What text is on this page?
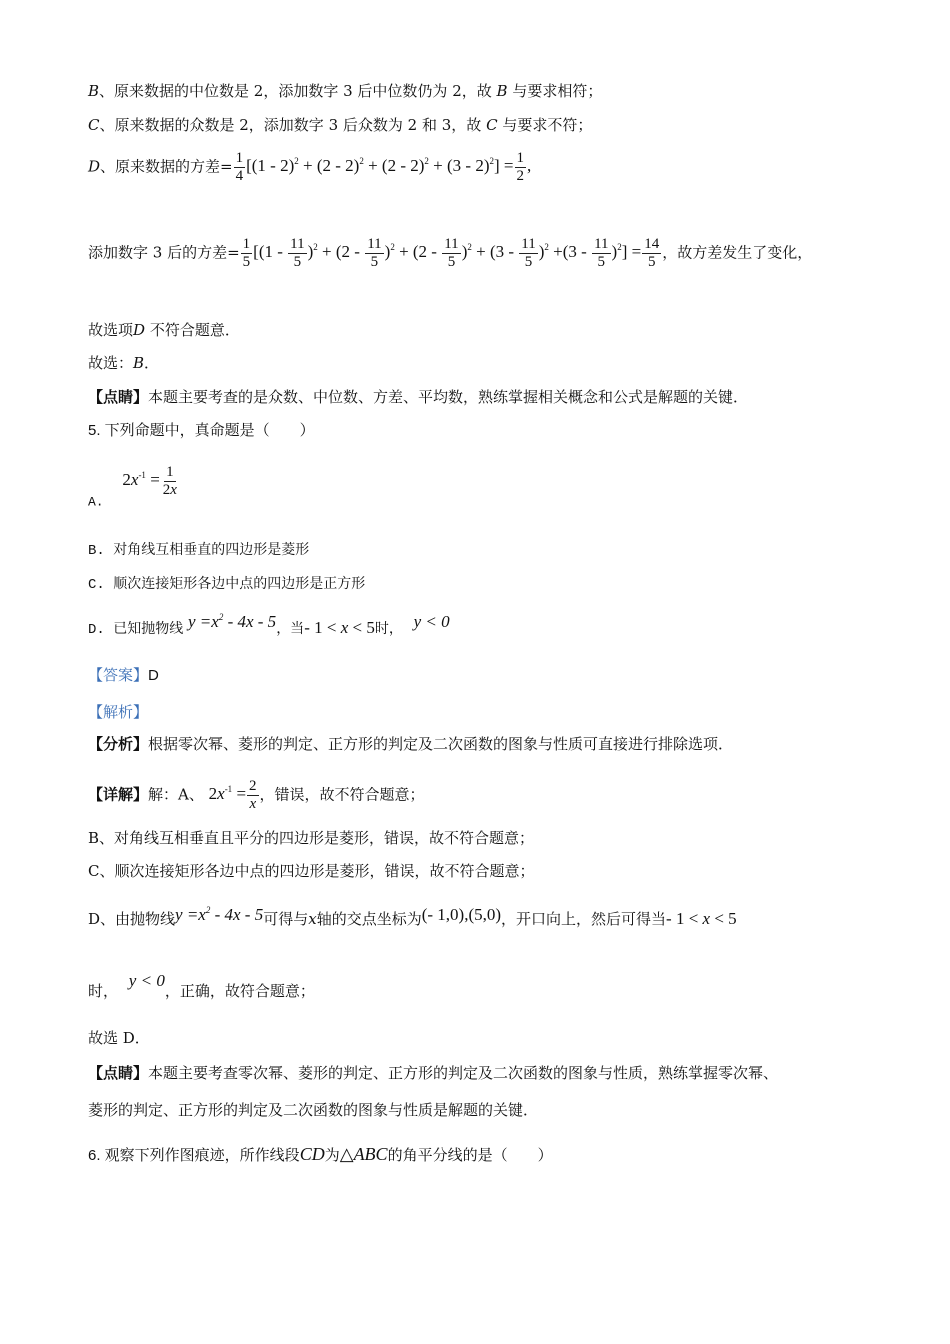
B、原来数据的中位数是 2，添加数字 3 后中位数仍为 2，故 B 与要求相符；
C、原来数据的众数是 2，添加数字 3 后众数为 2 和 3，故 C 与要求不符；
D、原来数据的方差= $\frac{1}{4} [(1 - 2)^2 + (2 - 2)^2 + (2 - 2)^2 + (3 - 2)^2] = \frac{1}{2}$ ,
添加数字 3 后的方差= $\frac{1}{5} [(1 - \frac{11}{5} )^2 + (2 - \frac{11}{5} )^2 + (2 - \frac{11}{5} )^2 + (3 - \frac{11}{5} )^2 +(3 - \frac{11}{5} )^2] = \frac{14}{5}$ ，故方差发生了变化，
故选项D 不符合题意．
故选：B．
【点睛】本题主要考查的是众数、中位数、方差、平均数，熟练掌握相关概念和公式是解题的关键．
5. 下列命题中，真命题是（　　）
A. $2x^{-1} = \frac{1}{2x}$
B. 对角线互相垂直的四边形是菱形
C. 顺次连接矩形各边中点的四边形是正方形
D. 已知抛物线 $y =x^2 - 4x - 5$，当- 1 < x < 5时， y < 0
【答案】D
【解析】
【分析】根据零次幂、菱形的判定、正方形的判定及二次函数的图象与性质可直接进行排除选项．
【详解】解：A、 $2x^{-1} = \frac{2}{x}$ ，错误，故不符合题意；
B、对角线互相垂直且平分的四边形是菱形，错误，故不符合题意；
C、顺次连接矩形各边中点的四边形是菱形，错误，故不符合题意；
D、由抛物线$y =x^2 - 4x - 5$可得与x轴的交点坐标为(- 1,0),(5,0)，开口向上，然后可得当- 1 < x < 5
时， y < 0，正确，故符合题意；
故选 D．
【点睛】本题主要考查零次幂、菱形的判定、正方形的判定及二次函数的图象与性质，熟练掌握零次幂、
菱形的判定、正方形的判定及二次函数的图象与性质是解题的关键．
6. 观察下列作图痕迹，所作线段CD为△ABC的角平分线的是（　　）
